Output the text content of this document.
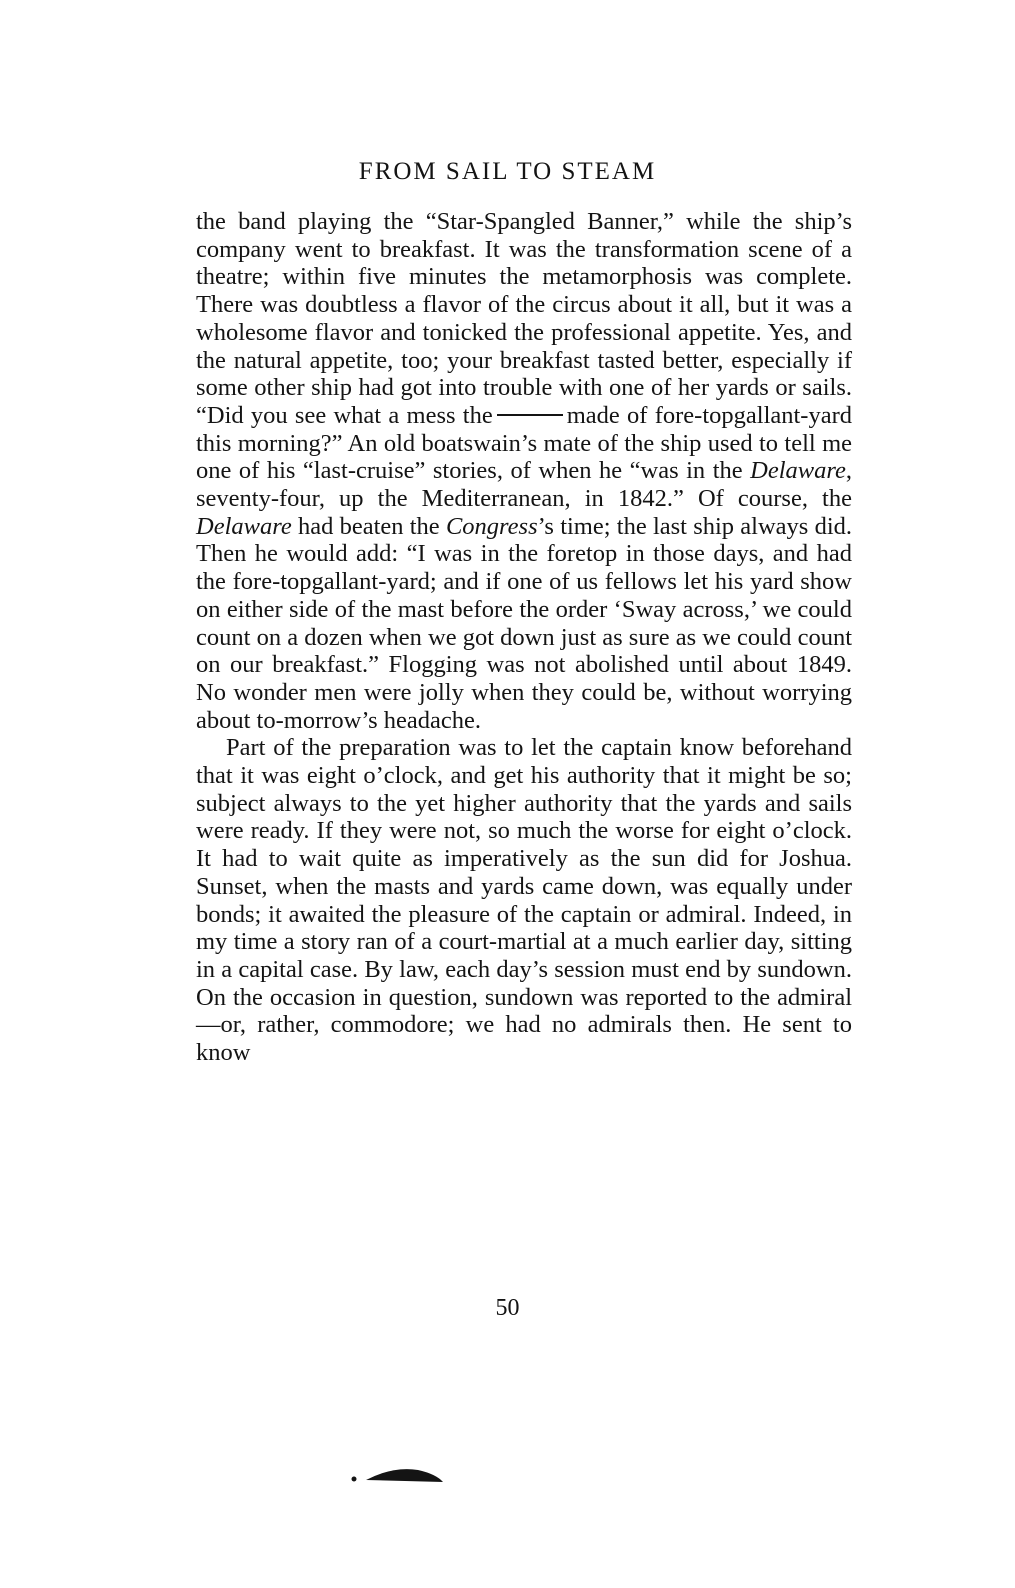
FROM SAIL TO STEAM

the band playing the “Star-Spangled Banner,” while the ship’s company went to breakfast. It was the transformation scene of a theatre; within five minutes the metamorphosis was complete. There was doubtless a flavor of the circus about it all, but it was a wholesome flavor and tonicked the professional appetite. Yes, and the natural appetite, too; your breakfast tasted better, especially if some other ship had got into trouble with one of her yards or sails. “Did you see what a mess the	made of fore-topgallant-yard this morning?” An old boatswain’s mate of the ship used to tell me one of his “last-cruise” stories, of when he “was in the Delaware, seventy-four, up the Mediterranean, in 1842.” Of course, the Delaware had beaten the Congress’s time; the last ship always did. Then he would add: “I was in the foretop in those days, and had the fore-topgallant-yard; and if one of us fellows let his yard show on either side of the mast before the order ‘Sway across,’ we could count on a dozen when we got down just as sure as we could count on our breakfast.” Flogging was not abolished until about 1849. No wonder men were jolly when they could be, without worrying about to-morrow’s headache.

Part of the preparation was to let the captain know beforehand that it was eight o’clock, and get his authority that it might be so; subject always to the yet higher authority that the yards and sails were ready. If they were not, so much the worse for eight o’clock. It had to wait quite as imperatively as the sun did for Joshua. Sunset, when the masts and yards came down, was equally under bonds; it awaited the pleasure of the captain or admiral. Indeed, in my time a story ran of a court-martial at a much earlier day, sitting in a capital case. By law, each day’s session must end by sundown. On the occasion in question, sundown was reported to the admiral—or, rather, commodore; we had no admirals then. He sent to know

50
